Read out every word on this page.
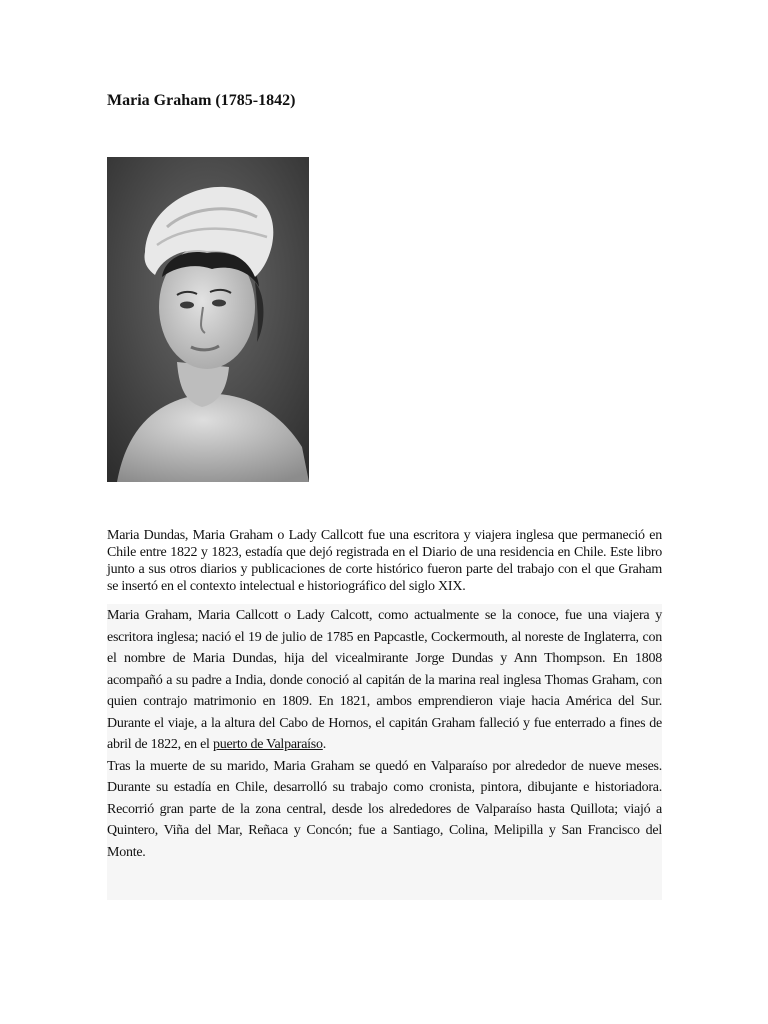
Maria Graham (1785-1842)

Maria Dundas, Maria Graham o Lady Callcott fue una escritora y viajera inglesa que permaneció en Chile entre 1822 y 1823, estadía que dejó registrada en el Diario de una residencia en Chile. Este libro junto a sus otros diarios y publicaciones de corte histórico fueron parte del trabajo con el que Graham se insertó en el contexto intelectual e historiográfico del siglo XIX.

Maria Graham, Maria Callcott o Lady Calcott, como actualmente se la conoce, fue una viajera y escritora inglesa; nació el 19 de julio de 1785 en Papcastle, Cockermouth, al noreste de Inglaterra, con el nombre de Maria Dundas, hija del vicealmirante Jorge Dundas y Ann Thompson. En 1808 acompañó a su padre a India, donde conoció al capitán de la marina real inglesa Thomas Graham, con quien contrajo matrimonio en 1809. En 1821, ambos emprendieron viaje hacia América del Sur. Durante el viaje, a la altura del Cabo de Hornos, el capitán Graham falleció y fue enterrado a fines de abril de 1822, en el puerto de Valparaíso.

Tras la muerte de su marido, Maria Graham se quedó en Valparaíso por alrededor de nueve meses. Durante su estadía en Chile, desarrolló su trabajo como cronista, pintora, dibujante e historiadora. Recorrió gran parte de la zona central, desde los alrededores de Valparaíso hasta Quillota; viajó a Quintero, Viña del Mar, Reñaca y Concón; fue a Santiago, Colina, Melipilla y San Francisco del Monte.
